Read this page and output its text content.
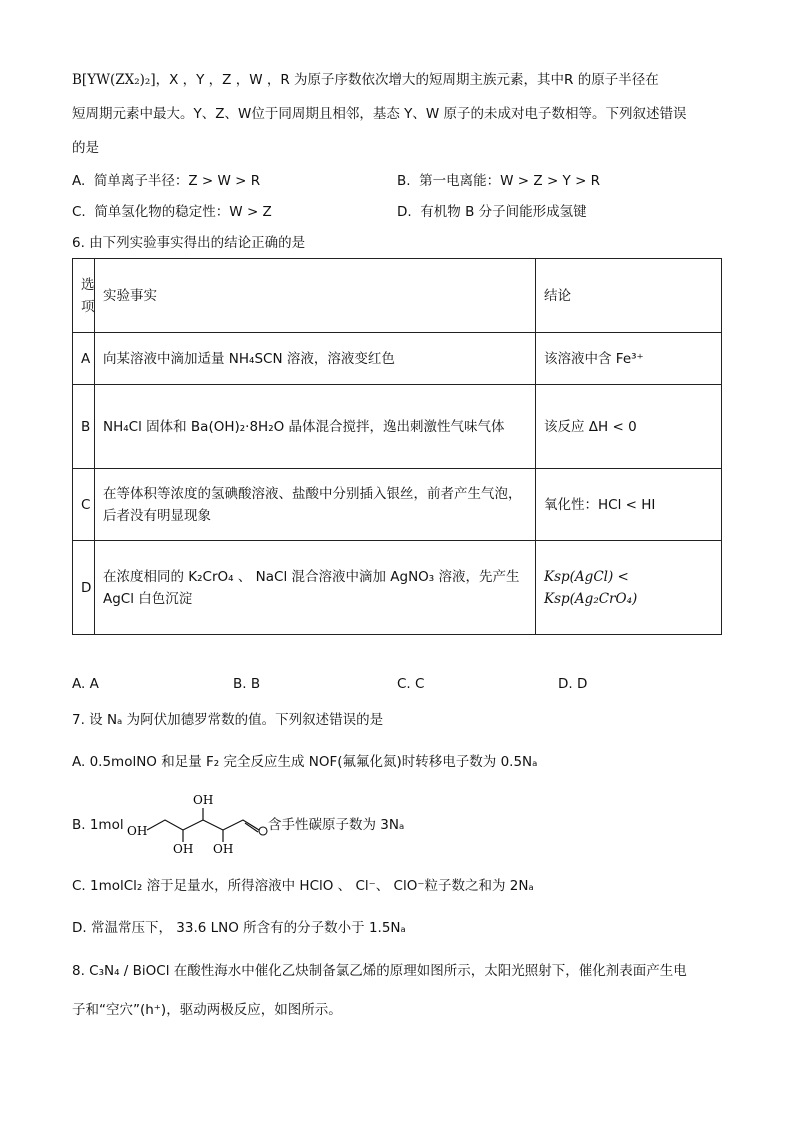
B[YW(ZX₂)₂]，X ，Y ，Z ，W ，R 为原子序数依次增大的短周期主族元素，其中R 的原子半径在
短周期元素中最大。Y、Z、W位于同周期且相邻，基态 Y、W 原子的未成对电子数相等。下列叙述错误
的是
A. 简单离子半径：Z > W > R	B. 第一电离能：W > Z > Y > R
C. 简单氢化物的稳定性：W > Z	D. 有机物 B 分子间能形成氢键
6. 由下列实验事实得出的结论正确的是
选项	实验事实	结论
A	向某溶液中滴加适量 NH₄SCN 溶液，溶液变红色	该溶液中含 Fe³⁺
B	NH₄Cl 固体和 Ba(OH)₂·8H₂O 晶体混合搅拌，逸出刺激性气味气体	该反应 ΔH < 0
C	在等体积等浓度的氢碘酸溶液、盐酸中分别插入银丝，前者产生气泡，后者没有明显现象	氧化性：HCl < HI
D	在浓度相同的 K₂CrO₄ 、 NaCl 混合溶液中滴加 AgNO₃ 溶液，先产生 AgCl 白色沉淀	Ksp(AgCl) < Ksp(Ag₂CrO₄)
A. A	B. B	C. C	D. D
7. 设 Nₐ 为阿伏加德罗常数的值。下列叙述错误的是
A. 0.5molNO 和足量 F₂ 完全反应生成 NOF(氟氟化氮)时转移电子数为 0.5Nₐ
B. 1mol OH
OH
OH
OH
含手性碳原子数为 3Nₐ
C. 1molCl₂ 溶于足量水，所得溶液中 HClO 、 Cl⁻、 ClO⁻粒子数之和为 2Nₐ
D. 常温常压下， 33.6 LNO 所含有的分子数小于 1.5Nₐ
8. C₃N₄ / BiOCl 在酸性海水中催化乙炔制备氯乙烯的原理如图所示，太阳光照射下，催化剂表面产生电
子和“空穴”(h⁺)，驱动两极反应，如图所示。
